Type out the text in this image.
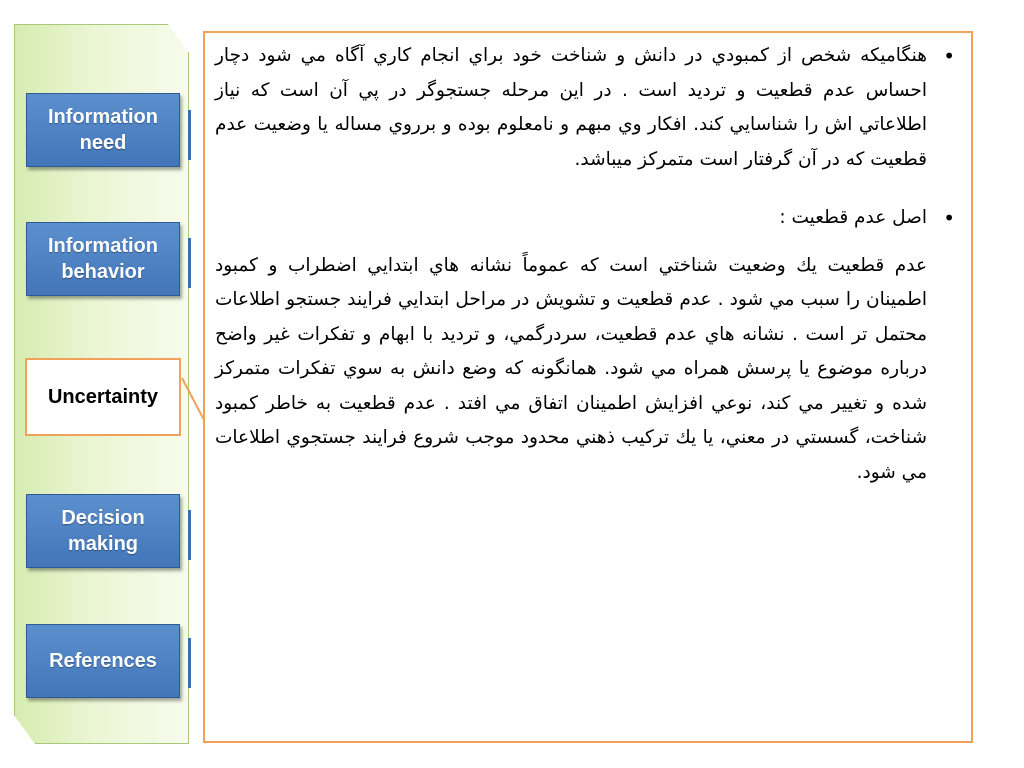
Information need
Information behavior
Uncertainty
Decision making
References

•
هنگاميکه شخص از کمبودي در دانش و شناخت خود براي انجام کاري آگاه مي شود دچار احساس عدم قطعيت و ترديد است . در اين مرحله جستجوگر در پي آن است که نياز اطلاعاتي اش را شناسايي کند. افکار وي مبهم و نامعلوم بوده و برروي مساله يا وضعيت عدم قطعيت که در آن گرفتار است متمرکز ميباشد.

•
اصل عدم قطعيت :

عدم قطعيت يك وضعيت شناختي است که عموماً نشانه هاي ابتدايي اضطراب و كمبود اطمينان را سبب مي شود . عدم قطعيت و تشويش در مراحل ابتدايي فرايند جستجو اطلاعات محتمل تر است . نشانه هاي عدم قطعيت، سردرگمي، و ترديد با ابهام و تفکرات غير واضح درباره موضوع يا پرسش همراه مي شود. همانگونه که وضع دانش به سوي تفکرات متمرکز شده و تغيير مي کند، نوعي افزايش اطمينان اتفاق مي افتد . عدم قطعيت به خاطر کمبود شناخت، گسستي در معني، يا يك ترکيب ذهني محدود موجب شروع فرايند جستجوي اطلاعات مي شود.
